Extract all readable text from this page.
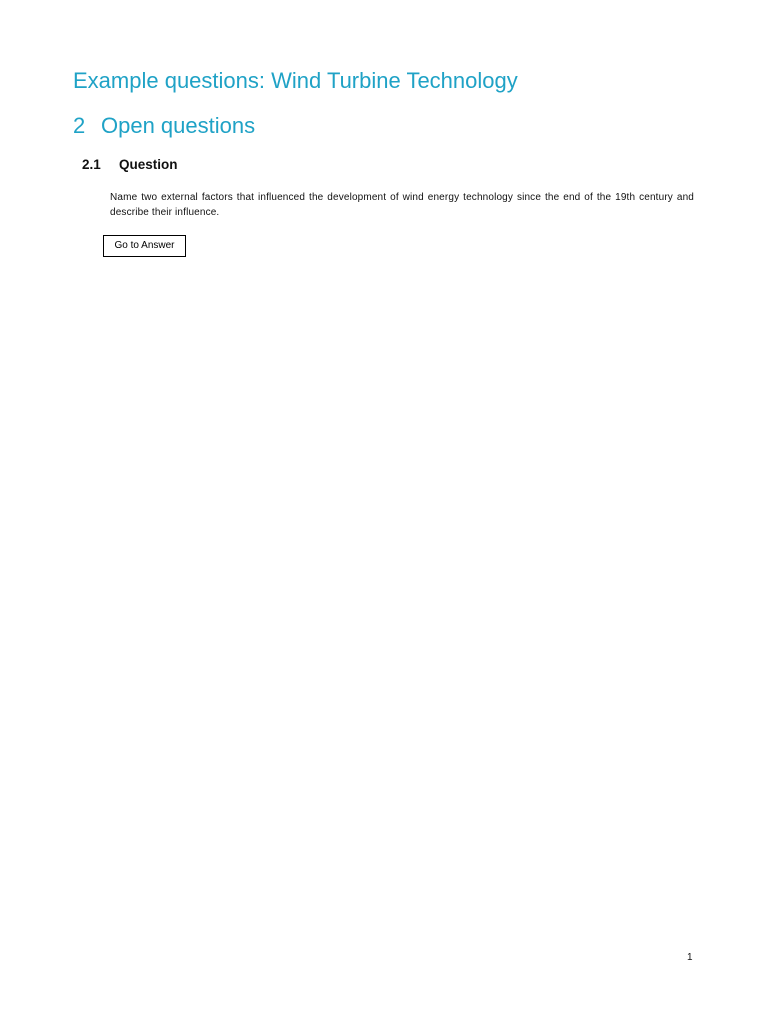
Example questions: Wind Turbine Technology
2 Open questions
2.1 Question
Name two external factors that influenced the development of wind energy technology since the end of the 19th century and describe their influence.
Go to Answer
1
